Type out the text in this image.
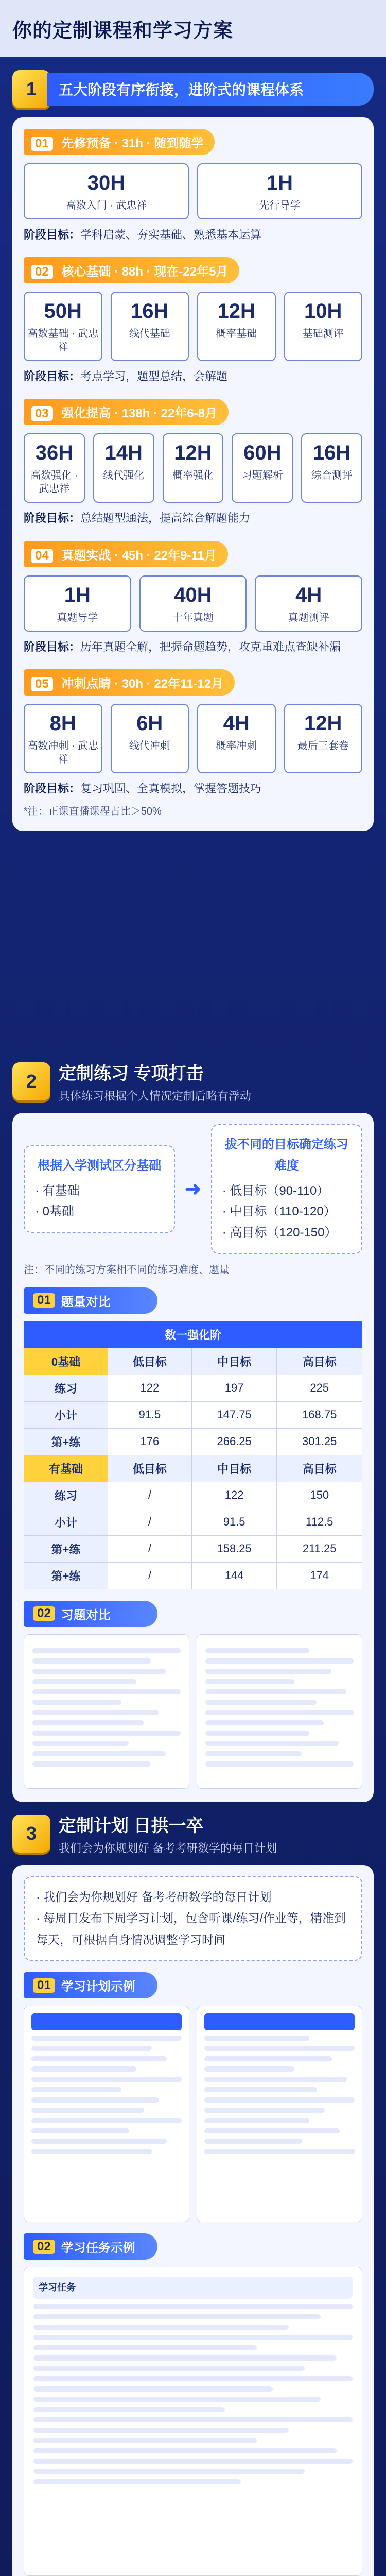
你的定制课程和学习方案
1	五大阶段有序衔接，进阶式的课程体系
01 先修预备 · 31h · 随到随学
30H
高数入门 · 武忠祥
1H
先行导学
阶段目标：学科启蒙、夯实基础、熟悉基本运算
02 核心基础 · 88h · 现在-22年5月
50H
高数基础 · 武忠祥
16H
线代基础
12H
概率基础
10H
基础测评
阶段目标：考点学习，题型总结，会解题
03 强化提高 · 138h · 22年6-8月
36H
高数强化 · 武忠祥
14H
线代强化
12H
概率强化
60H
习题解析
16H
综合测评
阶段目标：总结题型通法，提高综合解题能力
04 真题实战 · 45h · 22年9-11月
1H
真题导学
40H
十年真题
4H
真题测评
阶段目标：历年真题全解，把握命题趋势，攻克重难点查缺补漏
05 冲刺点睛 · 30h · 22年11-12月
8H
高数冲刺 · 武忠祥
6H
线代冲刺
4H
概率冲刺
12H
最后三套卷
阶段目标：复习巩固、全真模拟，掌握答题技巧
*注：正课直播课程占比＞50%
2	定制练习 专项打击
具体练习根据个人情况定制后略有浮动
根据入学测试区分基础
· 有基础
· 0基础
➜
拔不同的目标确定练习难度
· 低目标（90-110）
· 中目标（110-120）
· 高目标（120-150）
注：不同的练习方案相不同的练习难度、题量
01 题量对比
数一强化阶			
0基础	低目标	中目标	高目标
练习	122	197	225
小计	91.5	147.75	168.75
第+练	176	266.25	301.25
有基础	低目标	中目标	高目标
练习	/	122	150
小计	/	91.5	112.5
第+练	/	158.25	211.25
第+练	/	144	174
02 习题对比
3	定制计划 日拱一卒
我们会为你规划好 备考考研数学的每日计划
· 我们会为你规划好 备考考研数学的每日计划
· 每周日发布下周学习计划，包含听课/练习/作业等，精准到每天，可根据自身情况调整学习时间
01 学习计划示例

02 学习任务示例
学习任务
